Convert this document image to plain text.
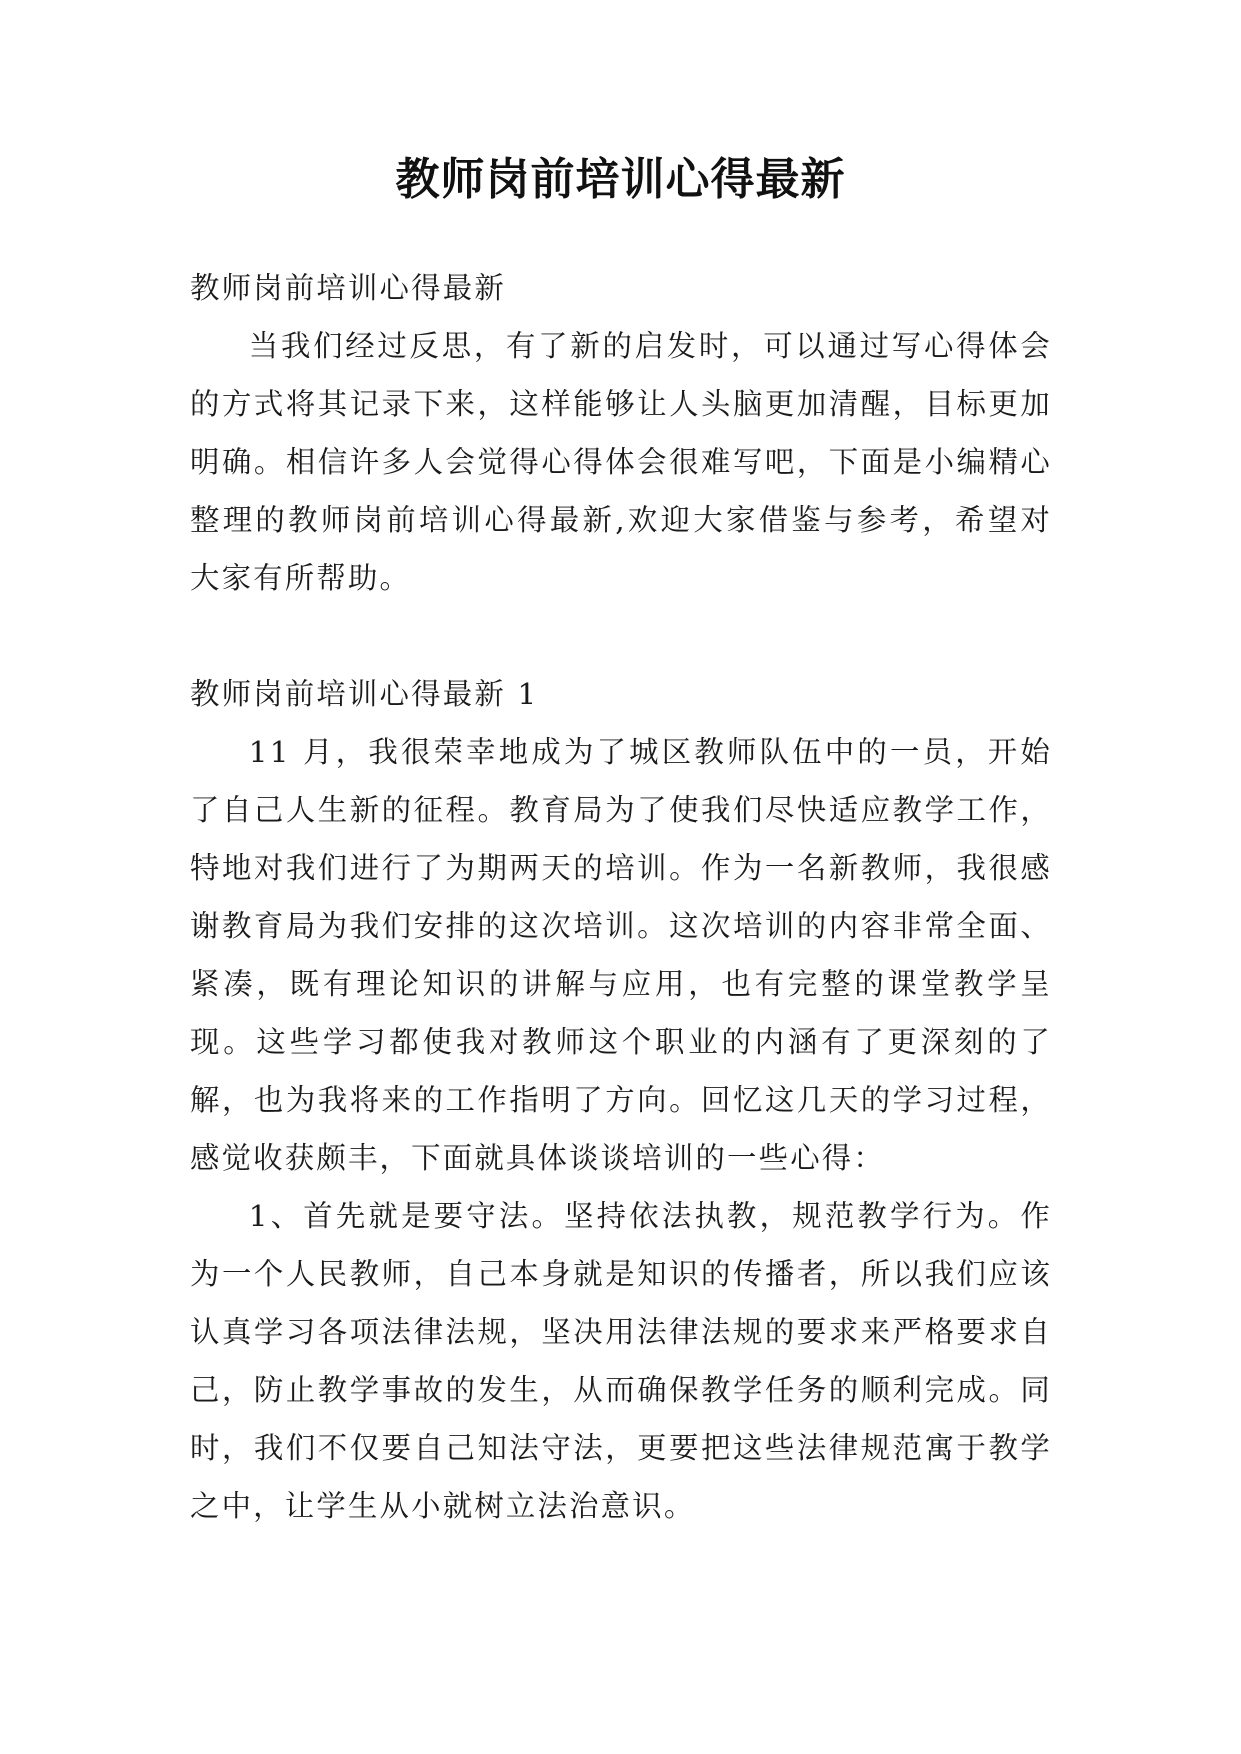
教师岗前培训心得最新

教师岗前培训心得最新

当我们经过反思，有了新的启发时，可以通过写心得体会的方式将其记录下来，这样能够让人头脑更加清醒，目标更加明确。相信许多人会觉得心得体会很难写吧，下面是小编精心整理的教师岗前培训心得最新,欢迎大家借鉴与参考，希望对大家有所帮助。

教师岗前培训心得最新 1

11 月，我很荣幸地成为了城区教师队伍中的一员，开始了自己人生新的征程。教育局为了使我们尽快适应教学工作，特地对我们进行了为期两天的培训。作为一名新教师，我很感谢教育局为我们安排的这次培训。这次培训的内容非常全面、紧凑，既有理论知识的讲解与应用，也有完整的课堂教学呈现。这些学习都使我对教师这个职业的内涵有了更深刻的了解，也为我将来的工作指明了方向。回忆这几天的学习过程，感觉收获颇丰，下面就具体谈谈培训的一些心得：

1、首先就是要守法。坚持依法执教，规范教学行为。作为一个人民教师，自己本身就是知识的传播者，所以我们应该认真学习各项法律法规，坚决用法律法规的要求来严格要求自己，防止教学事故的发生，从而确保教学任务的顺利完成。同时，我们不仅要自己知法守法，更要把这些法律规范寓于教学之中，让学生从小就树立法治意识。
